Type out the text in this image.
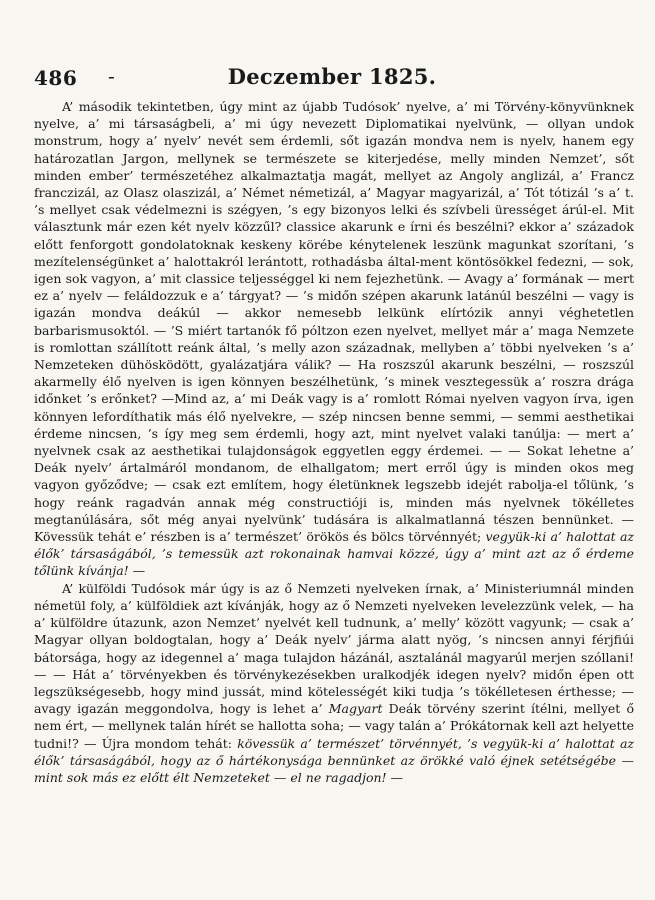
486 -	Deczember 1825.

A’ második tekintetben, úgy mint az újabb Tudósok’ nyelve, a’ mi Törvény-könyvünknek nyelve, a’ mi társaságbeli, a’ mi úgy nevezett Diplomatikai nyelvünk, — ollyan undok monstrum, hogy a’ nyelv’ nevét sem érdemli, sőt igazán mondva nem is nyelv, hanem egy határozatlan Jargon, mellynek se természete se kiterjedése, melly minden Nemzet’, sőt minden ember’ természetéhez alkalmaztatja magát, mellyet az Angoly anglizál, a’ Francz franczizál, az Olasz olaszizál, a’ Német németizál, a’ Magyar magyarizál, a’ Tót tótizál ’s a’ t. ’s mellyet csak védelmezni is szégyen, ’s egy bizonyos lelki és szívbeli ürességet árúl-el. Mit választunk már ezen két nyelv közzűl? classice akarunk e írni és beszélni? ekkor a’ századok előtt fenforgott gondolatoknak keskeny körébe kénytelenek leszünk magunkat szorítani, ’s mezítelenségünket a’ halottakról lerántott, rothadásba által-ment köntösökkel fedezni, — sok, igen sok vagyon, a’ mit classice teljességgel ki nem fejezhetünk. — Avagy a’ formának — mert ez a’ nyelv — feláldozzuk e a’ tárgyat? — ’s midőn szépen akarunk latánúl beszélni — vagy is igazán mondva deákúl — akkor nemesebb lelkünk elírtózik annyi véghetetlen barbarismusoktól. — ’S miért tartanók fő póltzon ezen nyelvet, mellyet már a’ maga Nemzete is romlottan szállított reánk által, ’s melly azon századnak, mellyben a’ többi nyelveken ’s a’ Nemzeteken dühösködött, gyalázatjára válik? — Ha roszszúl akarunk beszélni, — roszszúl akarmelly élő nyelven is igen könnyen beszélhetünk, ’s minek vesztegessük a’ roszra drága időnket ’s erőnket? —Mind az, a’ mi Deák vagy is a’ romlott Római nyelven vagyon írva, igen könnyen lefordíthatik más élő nyelvekre, — szép nincsen benne semmi, — semmi aesthetikai érdeme nincsen, ’s így meg sem érdemli, hogy azt, mint nyelvet valaki tanúlja: — mert a’ nyelvnek csak az aesthetikai tulajdonságok eggyetlen eggy érdemei. — — Sokat lehetne a’ Deák nyelv’ ártalmáról mondanom, de elhallgatom; mert erről úgy is minden okos meg vagyon győződve; — csak ezt említem, hogy életünknek legszebb idejét rabolja-el tőlünk, ’s hogy reánk ragadván annak még constructióji is, minden más nyelvnek tökélletes megtanúlására, sőt még anyai nyelvünk’ tudására is alkalmatlanná tészen bennünket. — Kövessük tehát e’ részben is a’ természet’ örökös és bölcs törvénnyét; vegyük-ki a’ halottat az élők’ társaságából, ’s temessük azt rokonainak hamvai közzé, úgy a’ mint azt az ő érdeme tőlünk kívánja! —

A’ külföldi Tudósok már úgy is az ő Nemzeti nyelveken írnak, a’ Ministeriumnál minden németül foly, a’ külföldiek azt kívánják, hogy az ő Nemzeti nyelveken levelezzünk velek, — ha a’ külföldre útazunk, azon Nemzet’ nyelvét kell tudnunk, a’ melly’ között vagyunk; — csak a’ Magyar ollyan boldogtalan, hogy a’ Deák nyelv’ járma alatt nyög, ’s nincsen annyi férjfiúi bátorsága, hogy az idegennel a’ maga tulajdon házánál, asztalánál magyarúl merjen szóllani! — — Hát a’ törvényekben és törvénykezésekben uralkodjék idegen nyelv? midőn épen ott legszükségesebb, hogy mind jussát, mind kötelességét kiki tudja ’s tökélletesen érthesse; — avagy igazán meggondolva, hogy is lehet a’ Magyart Deák törvény szerint ítélni, mellyet ő nem ért, — mellynek talán hírét se hallotta soha; — vagy talán a’ Prókátornak kell azt helyette tudni!? — Újra mondom tehát: kövessük a’ természet’ törvénnyét, ’s vegyük-ki a’ halottat az élők’ társaságából, hogy az ő hártékonysága bennünket az örökké való éjnek setétségébe — mint sok más ez előtt élt Nemzeteket — el ne ragadjon! —
